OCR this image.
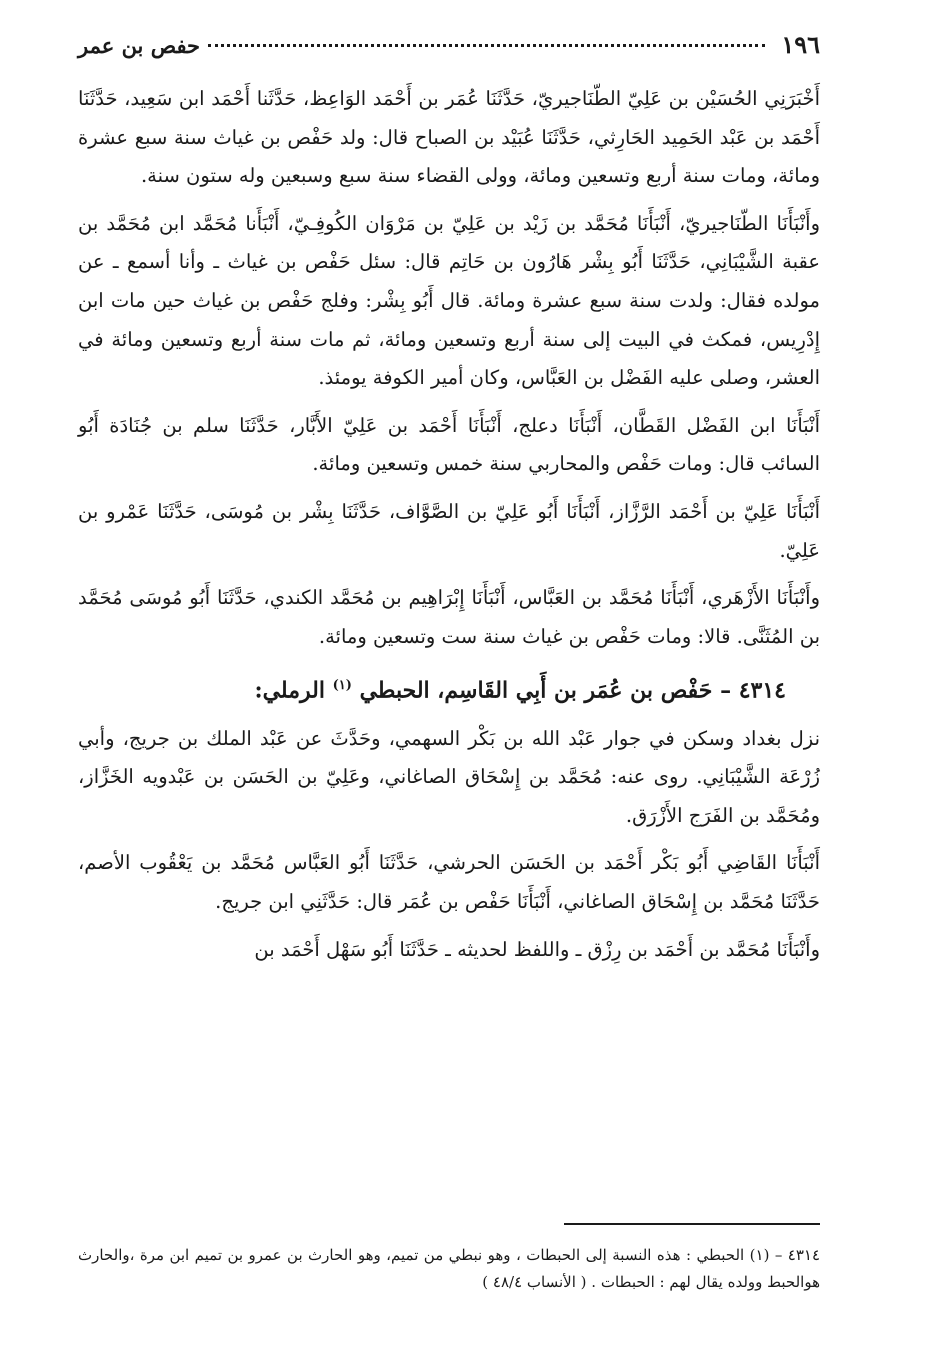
١٩٦
حفص بن عمر

أَخْبَرَنِي الحُسَيْن بن عَلِيّ الطّنَاجيريّ، حَدَّثَنَا عُمَر بن أَحْمَد الوَاعِظ، حَدَّثَنا أَحْمَد ابن سَعِيد، حَدَّثَنَا أَحْمَد بن عَبْد الحَمِيد الحَارِثي، حَدَّثَنَا عُبَيْد بن الصباح قال: ولد حَفْص بن غياث سنة سبع عشرة ومائة، ومات سنة أربع وتسعين ومائة، وولى القضاء سنة سبع وسبعين وله ستون سنة.

وأَنْبَأَنَا الطّنَاجيريّ، أَنْبَأَنَا مُحَمَّد بن زَيْد بن عَلِيّ بن مَرْوَان الكُوفِـيّ، أَنْبَأَنا مُحَمَّد ابن مُحَمَّد بن عقبة الشَّيْبَانِي، حَدَّثَنَا أَبُو بِشْر هَارُون بن حَاتِم قال: سئل حَفْص بن غياث ـ وأنا أسمع ـ عن مولده فقال: ولدت سنة سبع عشرة ومائة. قال أَبُو بِشْر: وفلج حَفْص بن غياث حين مات ابن إِدْرِيس، فمكث في البيت إلى سنة أربع وتسعين ومائة، ثم مات سنة أربع وتسعين ومائة في العشر، وصلى عليه الفَضْل بن العَبَّاس، وكان أمير الكوفة يومئذ.

أَنْبَأَنَا ابن الفَضْل القَطَّان، أَنْبَأَنَا دعلج، أَنْبَأَنَا أَحْمَد بن عَلِيّ الأَبَّار، حَدَّثَنَا سلم بن جُنَادَة أَبُو السائب قال: ومات حَفْص والمحاربي سنة خمس وتسعين ومائة.

أَنْبَأَنَا عَلِيّ بن أَحْمَد الرَّزَّاز، أَنْبَأَنَا أَبُو عَلِيّ بن الصَّوَّاف، حَدَّثَنَا بِشْر بن مُوسَى، حَدَّثَنَا عَمْرو بن عَلِيّ.

وأَنْبَأَنَا الأَزْهَري، أَنْبَأَنَا مُحَمَّد بن العَبَّاس، أَنْبَأَنَا إِبْرَاهِيم بن مُحَمَّد الكندي، حَدَّثَنَا أَبُو مُوسَى مُحَمَّد بن المُثَنَّى. قالا: ومات حَفْص بن غياث سنة ست وتسعين ومائة.

٤٣١٤ – حَفْص بن عُمَر بن أَبِي القَاسِم، الحبطي $^{(١)}$ الرملي:

نزل بغداد وسكن في جوار عَبْد الله بن بَكْر السهمي، وحَدَّثَ عن عَبْد الملك بن جريج، وأبي زُرْعَة الشَّيْبَانِي. روى عنه: مُحَمَّد بن إِسْحَاق الصاغاني، وعَلِيّ بن الحَسَن بن عَبْدويه الخَزَّاز، ومُحَمَّد بن الفَرَج الأَزْرَق.

أَنْبَأَنَا القَاضِي أَبُو بَكْر أَحْمَد بن الحَسَن الحرشي، حَدَّثَنَا أَبُو العَبَّاس مُحَمَّد بن يَعْقُوب الأصم، حَدَّثَنَا مُحَمَّد بن إِسْحَاق الصاغاني، أَنْبَأَنَا حَفْص بن عُمَر قال: حَدَّثَنِي ابن جريج.

وأَنْبَأَنَا مُحَمَّد بن أَحْمَد بن رِزْق ـ واللفظ لحديثه ـ حَدَّثَنَا أَبُو سَهْل أَحْمَد بن

٤٣١٤ – (١) الحبطي : هذه النسبة إلى الحبطات ، وهو نبطي من تميم، وهو الحارث بن عمرو بن تميم ابن مرة ،والحارث هوالحبط وولده يقال لهم : الحبطات . ( الأنساب ٤٨/٤ )
